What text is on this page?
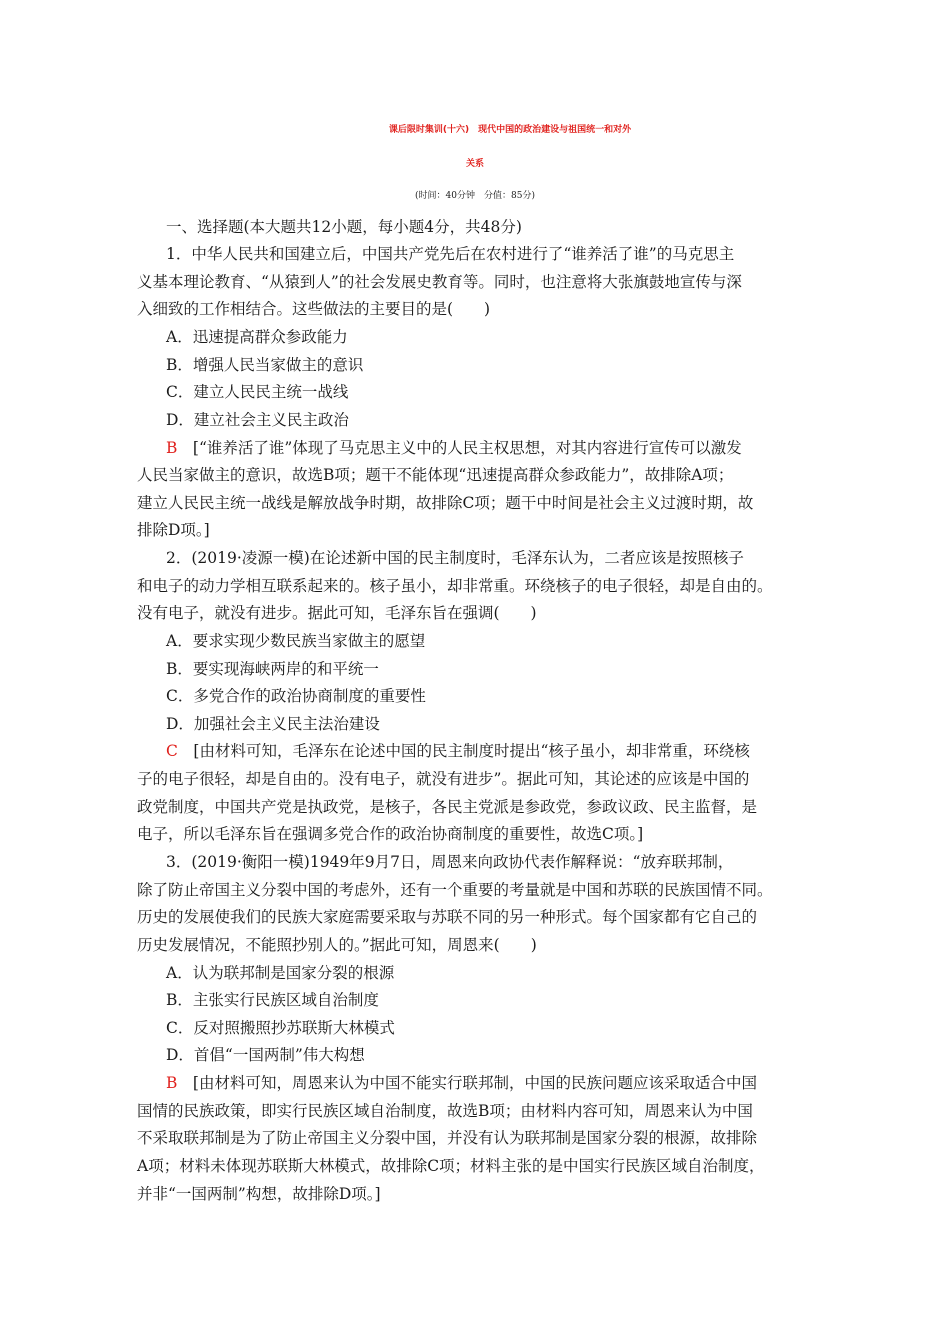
课后限时集训(十六)　现代中国的政治建设与祖国统一和对外
关系
(时间：40分钟　分值：85分)
一、选择题(本大题共12小题，每小题4分，共48分)
1．中华人民共和国建立后，中国共产党先后在农村进行了“谁养活了谁”的马克思主
义基本理论教育、“从猿到人”的社会发展史教育等。同时，也注意将大张旗鼓地宣传与深
入细致的工作相结合。这些做法的主要目的是(　　)
A．迅速提高群众参政能力
B．增强人民当家做主的意识
C．建立人民民主统一战线
D．建立社会主义民主政治
B　 [“谁养活了谁”体现了马克思主义中的人民主权思想，对其内容进行宣传可以激发
人民当家做主的意识，故选B项；题干不能体现“迅速提高群众参政能力”，故排除A项；
建立人民民主统一战线是解放战争时期，故排除C项；题干中时间是社会主义过渡时期，故
排除D项。]
2．(2019·凌源一模)在论述新中国的民主制度时，毛泽东认为，二者应该是按照核子
和电子的动力学相互联系起来的。核子虽小，却非常重。环绕核子的电子很轻，却是自由的。
没有电子，就没有进步。据此可知，毛泽东旨在强调(　　)
A．要求实现少数民族当家做主的愿望
B．要实现海峡两岸的和平统一
C．多党合作的政治协商制度的重要性
D．加强社会主义民主法治建设
C　 [由材料可知，毛泽东在论述中国的民主制度时提出“核子虽小，却非常重，环绕核
子的电子很轻，却是自由的。没有电子，就没有进步”。据此可知，其论述的应该是中国的
政党制度，中国共产党是执政党，是核子，各民主党派是参政党，参政议政、民主监督，是
电子，所以毛泽东旨在强调多党合作的政治协商制度的重要性，故选C项。]
3．(2019·衡阳一模)1949年9月7日，周恩来向政协代表作解释说：“放弃联邦制，
除了防止帝国主义分裂中国的考虑外，还有一个重要的考量就是中国和苏联的民族国情不同。
历史的发展使我们的民族大家庭需要采取与苏联不同的另一种形式。每个国家都有它自己的
历史发展情况，不能照抄别人的。”据此可知，周恩来(　　)
A．认为联邦制是国家分裂的根源
B．主张实行民族区域自治制度
C．反对照搬照抄苏联斯大林模式
D．首倡“一国两制”伟大构想
B　 [由材料可知，周恩来认为中国不能实行联邦制，中国的民族问题应该采取适合中国
国情的民族政策，即实行民族区域自治制度，故选B项；由材料内容可知，周恩来认为中国
不采取联邦制是为了防止帝国主义分裂中国，并没有认为联邦制是国家分裂的根源，故排除
A项；材料未体现苏联斯大林模式，故排除C项；材料主张的是中国实行民族区域自治制度，
并非“一国两制”构想，故排除D项。]
